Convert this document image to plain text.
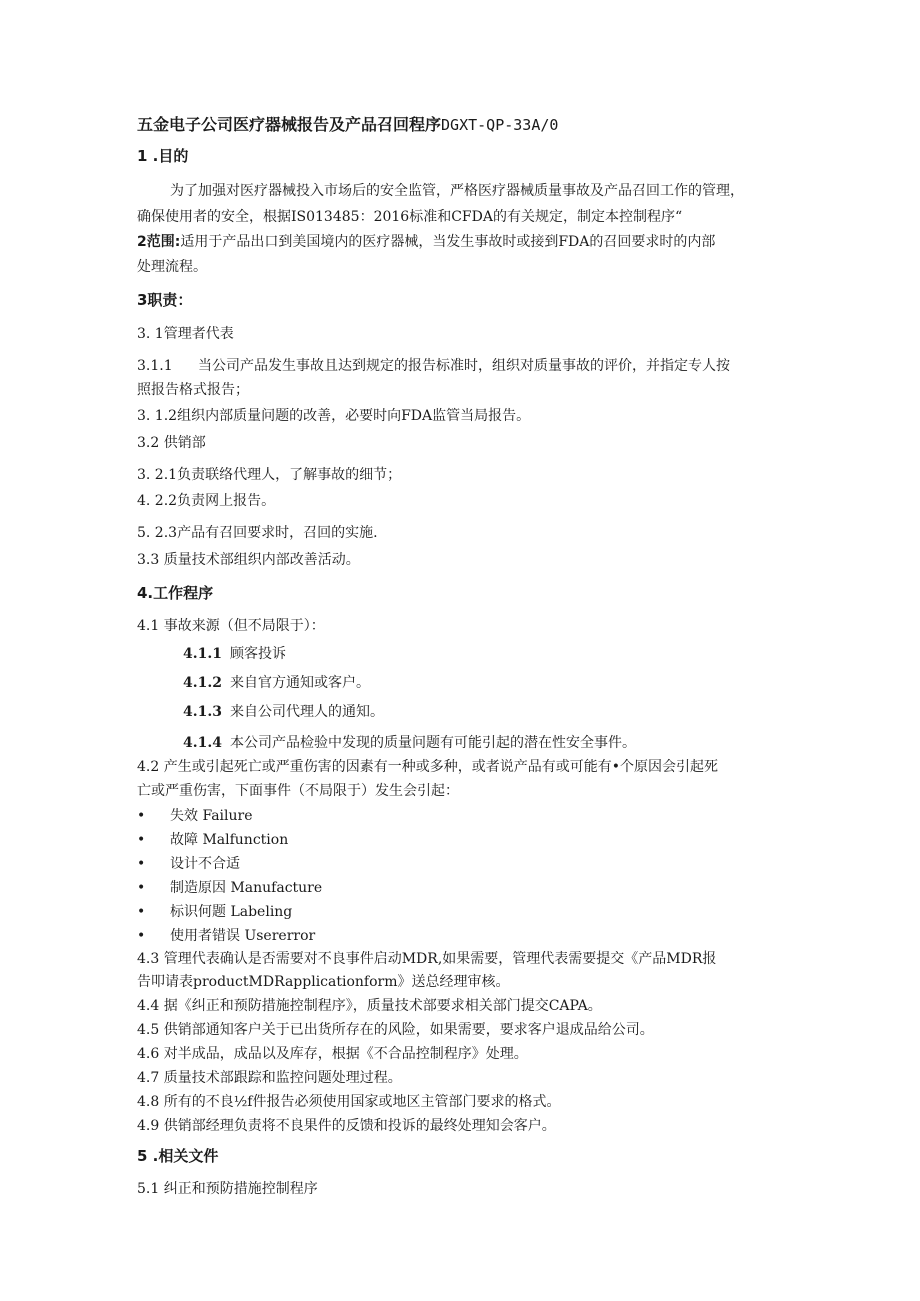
五金电子公司医疗器械报告及产品召回程序DGXT-QP-33A/0
1 .目的
为了加强对医疗器械投入市场后的安全监管，严格医疗器械质量事故及产品召回工作的管理，
确保使用者的安全，根据IS013485：2016标准和CFDA的有关规定，制定本控制程序“
2范围:适用于产品出口到美国境内的医疗器械，当发生事故时或接到FDA的召回要求时的内部
处理流程。
3职责：
3. 1管理者代表
3.1.1 当公司产品发生事故且达到规定的报告标准时，组织对质量事故的评价，并指定专人按
照报告格式报告；
3. 1.2组织内部质量问题的改善，必要时向FDA监管当局报告。
3.2 供销部
3. 2.1负责联络代理人，了解事故的细节；
4. 2.2负责网上报告。
5. 2.3产品有召回要求时，召回的实施.
3.3 质量技术部组织内部改善活动。
4.工作程序
4.1 事故来源（但不局限于）：
4.1.1 顾客投诉
4.1.2 来自官方通知或客户。
4.1.3 来自公司代理人的通知。
4.1.4 本公司产品检验中发现的质量问题有可能引起的潜在性安全事件。
4.2 产生或引起死亡或严重伤害的因素有一种或多种，或者说产品有或可能有•个原因会引起死
亡或严重伤害，下面事件（不局限于）发生会引起：
• 失效 Failure
• 故障 Malfunction
• 设计不合适
• 制造原因 Manufacture
• 标识何题 Labeling
• 使用者错误 Usererror
4.3 管理代表确认是否需要对不良事件启动MDR,如果需要，管理代表需要提交《产品MDR报
告叩请表productMDRapplicationform》送总经理审核。
4.4 据《纠正和预防措施控制程序》，质量技术部要求相关部门提交CAPA。
4.5 供销部通知客户关于已出货所存在的风险，如果需要，要求客户退成品给公司。
4.6 对半成品，成品以及库存，根据《不合品控制程序》处理。
4.7 质量技术部跟踪和监控问题处理过程。
4.8 所有的不良½f件报告必须使用国家或地区主管部门要求的格式。
4.9 供销部经理负责将不良果件的反馈和投诉的最终处理知会客户。
5 .相关文件
5.1 纠正和预防措施控制程序
